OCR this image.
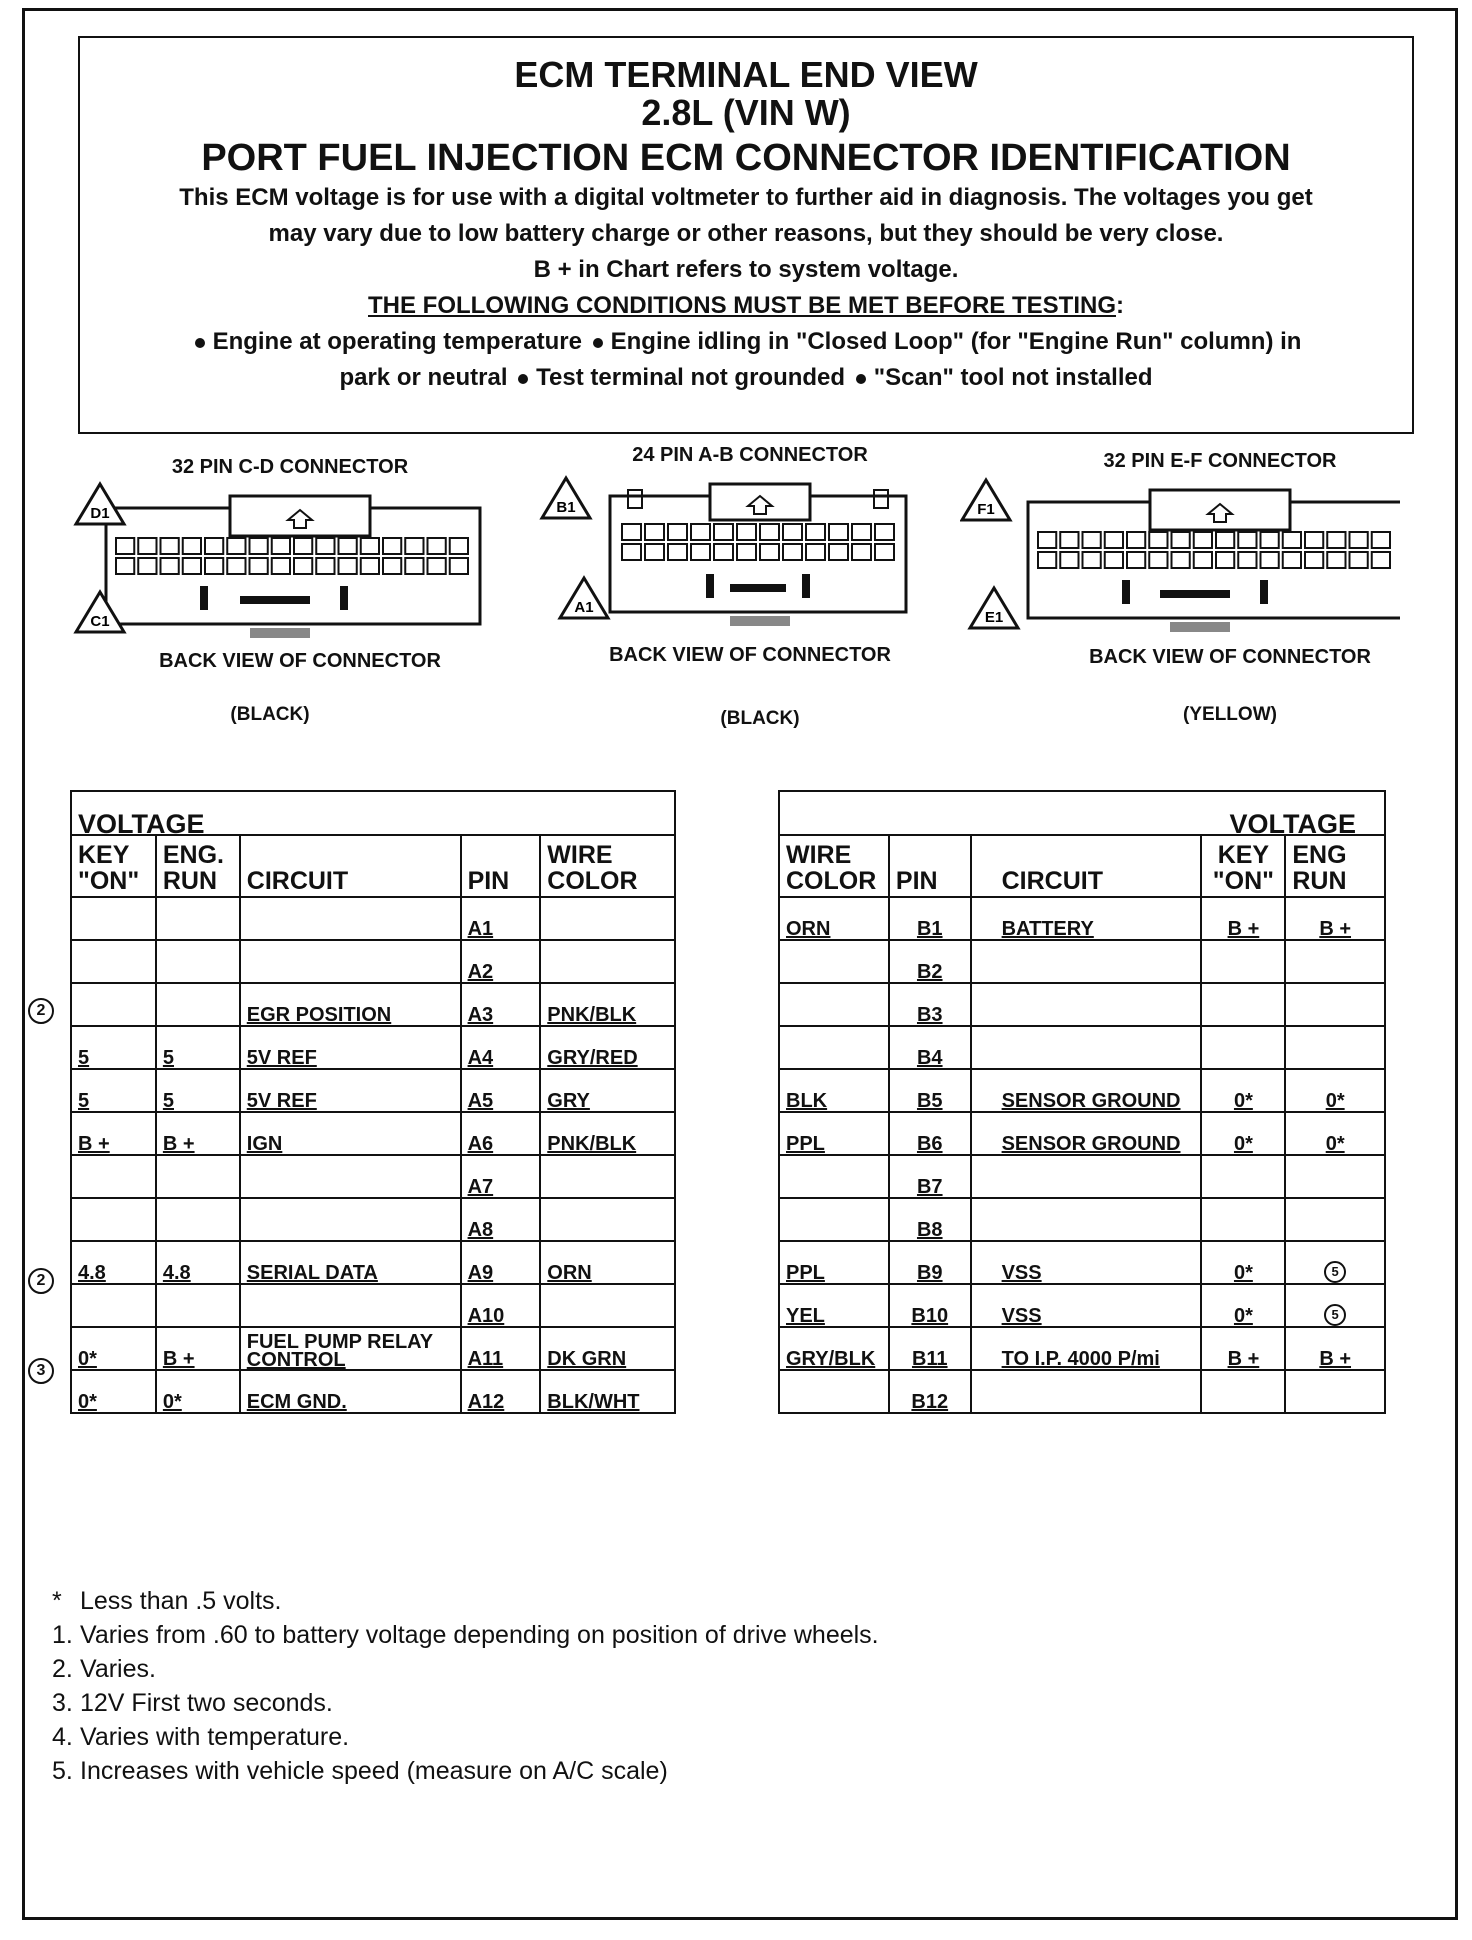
ECM TERMINAL END VIEW
2.8L (VIN W)
PORT FUEL INJECTION ECM CONNECTOR IDENTIFICATION
This ECM voltage is for use with a digital voltmeter to further aid in diagnosis. The voltages you get
may vary due to low battery charge or other reasons, but they should be very close.
B + in Chart refers to system voltage.
THE FOLLOWING CONDITIONS MUST BE MET BEFORE TESTING:
Engine at operating temperature Engine idling in "Closed Loop" (for "Engine Run" column) in
park or neutral Test terminal not grounded "Scan" tool not installed
32 PIN C-D CONNECTOR
D1
C1
BACK VIEW OF CONNECTOR
(BLACK)
24 PIN A-B CONNECTOR
B1
A1
BACK VIEW OF CONNECTOR
(BLACK)
32 PIN E-F CONNECTOR
F1
E1
BACK VIEW OF CONNECTOR
(YELLOW)
VOLTAGE				
KEY
"ON"	ENG.
RUN	CIRCUIT	PIN	WIRE
COLOR
			A1	
			A2	
		EGR POSITION	A3	PNK/BLK
5	5	5V REF	A4	GRY/RED
5	5	5V REF	A5	GRY
B +	B +	IGN	A6	PNK/BLK
			A7	
			A8	
4.8	4.8	SERIAL DATA	A9	ORN
			A10	
0*	B +	FUEL PUMP RELAY
CONTROL	A11	DK GRN
0*	0*	ECM GND.	A12	BLK/WHT
			VOLTAGE	
WIRE
COLOR	PIN	CIRCUIT	KEY
"ON"	ENG
RUN
ORN	B1	BATTERY	B +	B +
	B2			
	B3			
	B4			
BLK	B5	SENSOR GROUND	0*	0*
PPL	B6	SENSOR GROUND	0*	0*
	B7			
	B8			
PPL	B9	VSS	0*	5
YEL	B10	VSS	0*	5
GRY/BLK	B11	TO I.P. 4000 P/mi	B +	B +
	B12			
2
2
3
* Less than .5 volts.
1. Varies from .60 to battery voltage depending on position of drive wheels.
2. Varies.
3. 12V First two seconds.
4. Varies with temperature.
5. Increases with vehicle speed (measure on A/C scale)
